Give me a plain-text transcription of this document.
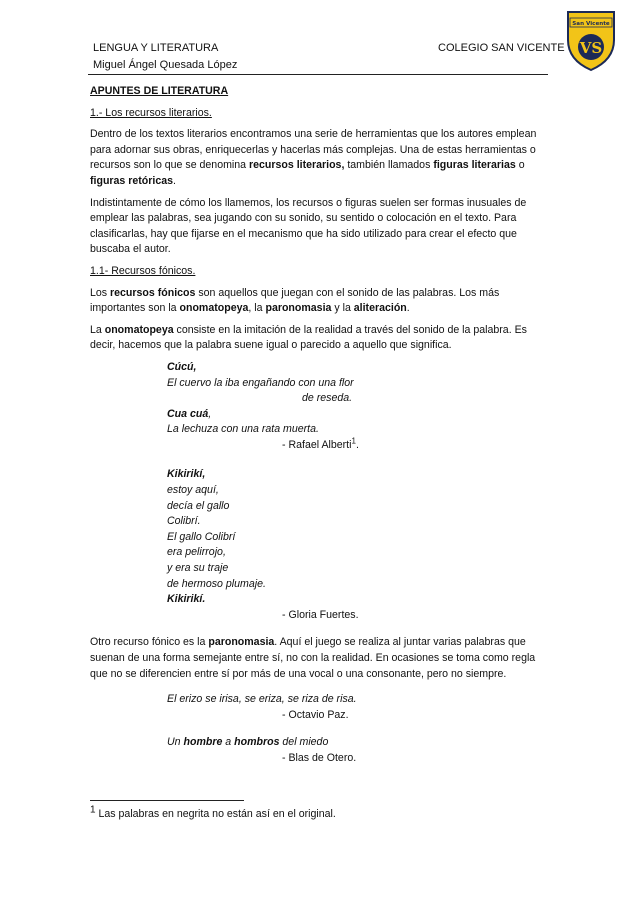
LENGUA Y LITERATURA
Miguel Ángel Quesada López
COLEGIO SAN VICENTE
San Vicente
VS

APUNTES DE LITERATURA

1.- Los recursos literarios.

Dentro de los textos literarios encontramos una serie de herramientas que los autores emplean para adornar sus obras, enriquecerlas y hacerlas más complejas. Una de estas herramientas o recursos son lo que se denomina recursos literarios, también llamados figuras literarias o figuras retóricas.

Indistintamente de cómo los llamemos, los recursos o figuras suelen ser formas inusuales de emplear las palabras, sea jugando con su sonido, su sentido o colocación en el texto. Para clasificarlas, hay que fijarse en el mecanismo que ha sido utilizado para crear el efecto que buscaba el autor.

1.1- Recursos fónicos.

Los recursos fónicos son aquellos que juegan con el sonido de las palabras. Los más importantes son la onomatopeya, la paronomasia y la aliteración.

La onomatopeya consiste en la imitación de la realidad a través del sonido de la palabra. Es decir, hacemos que la palabra suene igual o parecido a aquello que significa.

Cúcú,
El cuervo la iba engañando con una flor
de reseda.
Cua cuá,
La lechuza con una rata muerta.
- Rafael Alberti$^1$.
Kikirikí,
estoy aquí,
decía el gallo
Colibrí.
El gallo Colibrí
era pelirrojo,
y era su traje
de hermoso plumaje.
Kikirikí.
- Gloria Fuertes.

Otro recurso fónico es la paronomasia. Aquí el juego se realiza al juntar varias palabras que suenan de una forma semejante entre sí, no con la realidad. En ocasiones se toma como regla que no se diferencien entre sí por más de una vocal o una consonante, pero no siempre.

El erizo se irisa, se eriza, se riza de risa.
- Octavio Paz.
Un hombre a hombros del miedo
- Blas de Otero.
$^1$ Las palabras en negrita no están así en el original.
